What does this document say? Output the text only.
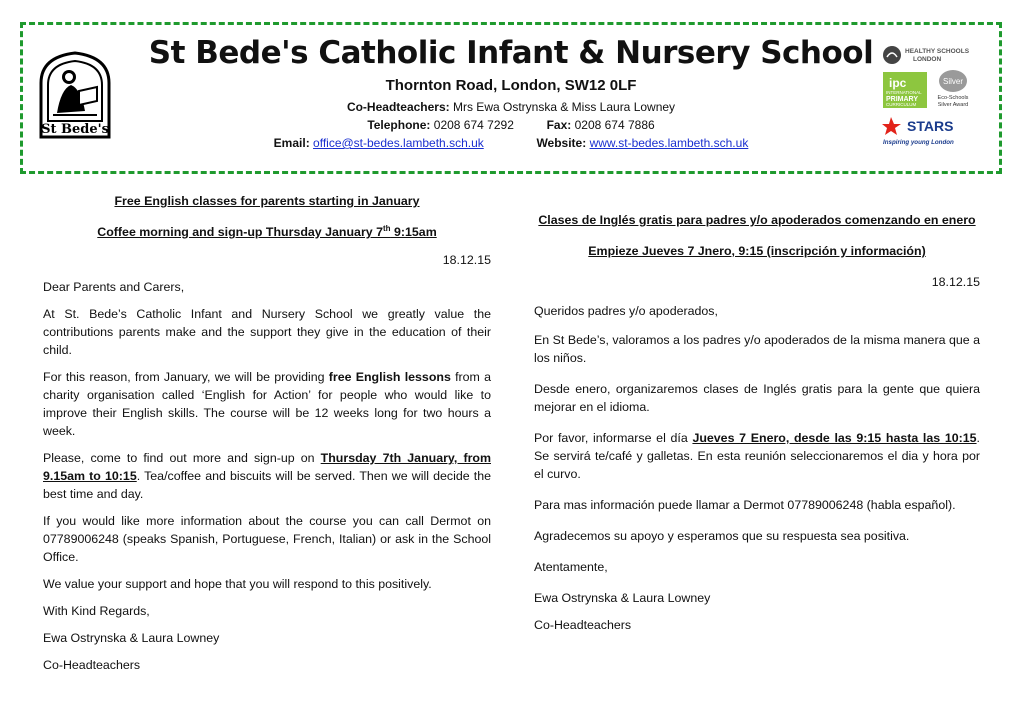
St Bede's
St Bede's Catholic Infant & Nursery School
Thornton Road, London, SW12 0LF
Co-Headteachers: Mrs Ewa Ostrynska & Miss Laura Lowney
Telephone: 0208 674 7292	Fax: 0208 674 7886
Email: office@st-bedes.lambeth.sch.uk	Website: www.st-bedes.lambeth.sch.uk
HEALTHY SCHOOLS
LONDON
ipc
INTERNATIONAL
PRIMARY
CURRICULUM
Silver
Eco-Schools
Silver Award
STARS
Inspiring young London

Free English classes for parents starting in January

Coffee morning and sign-up Thursday January 7th 9:15am

18.12.15

Dear Parents and Carers,

At St. Bede’s Catholic Infant and Nursery School we greatly value the contributions parents make and the support they give in the education of their child.

For this reason, from January, we will be providing free English lessons from a charity organisation called ‘English for Action’ for people who would like to improve their English skills. The course will be 12 weeks long for two hours a week.

Please, come to find out more and sign-up on Thursday 7th January, from 9.15am to 10:15. Tea/coffee and biscuits will be served. Then we will decide the best time and day.

If you would like more information about the course you can call Dermot on 07789006248 (speaks Spanish, Portuguese, French, Italian) or ask in the School Office.

We value your support and hope that you will respond to this positively.

With Kind Regards,

Ewa Ostrynska & Laura Lowney

Co-Headteachers

Clases de Inglés gratis para padres y/o apoderados comenzando en enero

Empieze Jueves 7 Jnero, 9:15 (inscripción y información)

18.12.15

Queridos padres y/o apoderados,

En St Bede’s, valoramos a los padres y/o apoderados de la misma manera que a los niños.

Desde enero, organizaremos clases de Inglés gratis para la gente que quiera mejorar en el idioma.

Por favor, informarse el día Jueves 7 Enero, desde las 9:15 hasta las 10:15. Se servirá te/café y galletas. En esta reunión seleccionaremos el dia y hora por el curvo.

Para mas información puede llamar a Dermot 07789006248 (habla español).

Agradecemos su apoyo y esperamos que su respuesta sea positiva.

Atentamente,

Ewa Ostrynska & Laura Lowney

Co-Headteachers
